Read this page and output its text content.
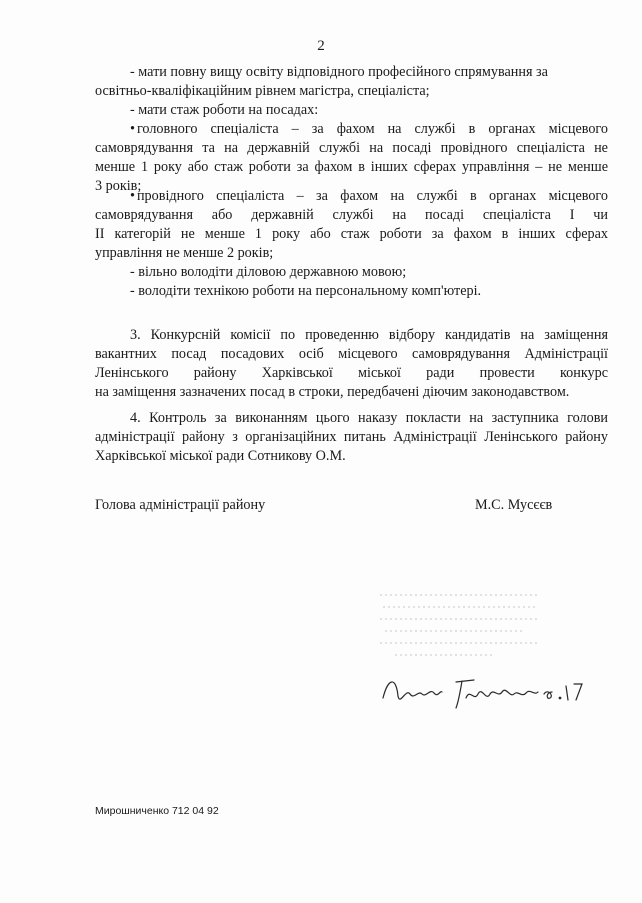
2
- мати повну вищу освіту відповідного професійного спрямування за
освітньо-кваліфікаційним рівнем магістра, спеціаліста;
- мати стаж роботи на посадах:
• головного спеціаліста – за фахом на службі в органах місцевого
самоврядування та на державній службі на посаді провідного спеціаліста не
менше 1 року або стаж роботи за фахом в інших сферах управління – не менше
3 років;
• провідного спеціаліста – за фахом на службі в органах місцевого
самоврядування або державній службі на посаді спеціаліста І чи
ІІ категорій не менше 1 року або стаж роботи за фахом в інших сферах
управління не менше 2 років;
- вільно володіти діловою державною мовою;
- володіти технікою роботи на персональному комп'ютері.
3. Конкурсній комісії по проведенню відбору кандидатів на заміщення
вакантних посад посадових осіб місцевого самоврядування Адміністрації
Ленінського району Харківської міської ради провести конкурс
на заміщення зазначених посад в строки, передбачені діючим законодавством.
4. Контроль за виконанням цього наказу покласти на заступника голови
адміністрації району з організаційних питань Адміністрації Ленінського району
Харківської міської ради Сотникову О.М.
Голова адміністрації району	М.С. Мусєєв
Мирошниченко 712 04 92
